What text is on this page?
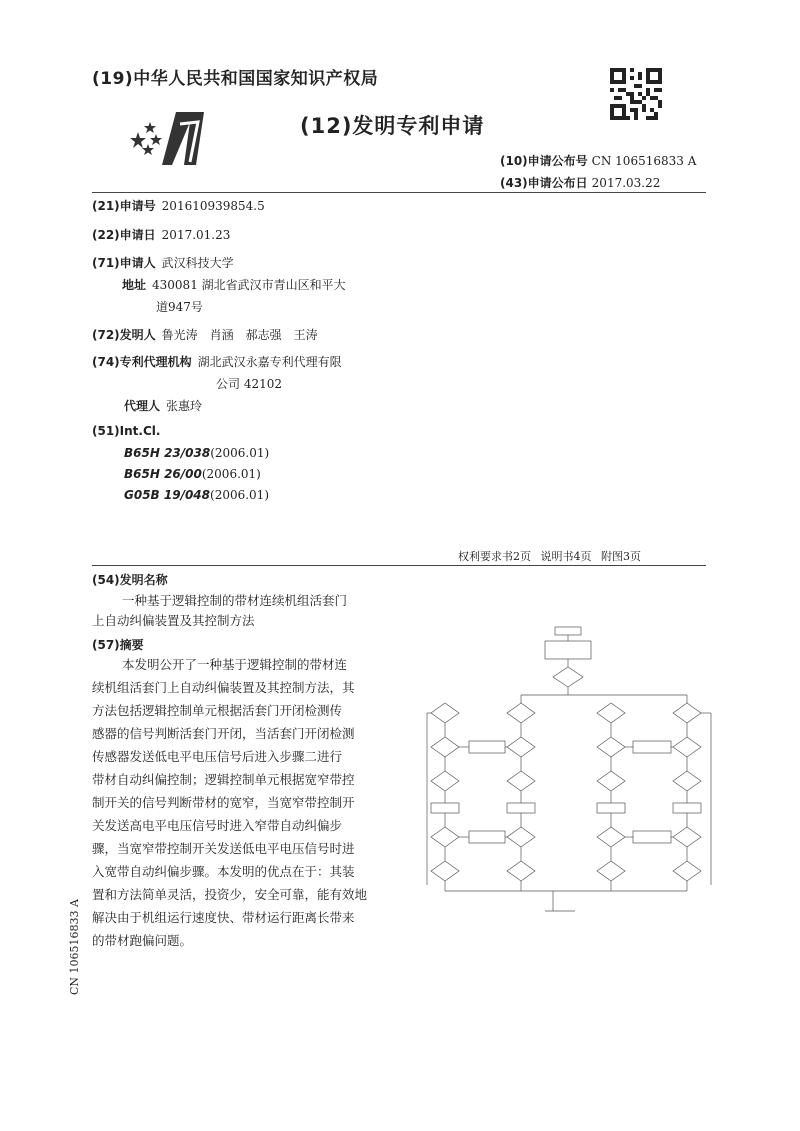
(19)中华人民共和国国家知识产权局
(12)发明专利申请
(10)申请公布号 CN 106516833 A
(43)申请公布日 2017.03.22
(21)申请号 201610939854.5
(22)申请日 2017.01.23
(71)申请人 武汉科技大学
地址 430081 湖北省武汉市青山区和平大
道947号
(72)发明人 鲁光涛　肖涵　郝志强　王涛
(74)专利代理机构 湖北武汉永嘉专利代理有限
公司 42102
代理人 张惠玲
(51)Int.Cl.
B65H 23/038(2006.01)
B65H 26/00(2006.01)
G05B 19/048(2006.01)
权利要求书2页 说明书4页 附图3页
(54)发明名称
一种基于逻辑控制的带材连续机组活套门
上自动纠偏装置及其控制方法
(57)摘要
本发明公开了一种基于逻辑控制的带材连
续机组活套门上自动纠偏装置及其控制方法，其
方法包括逻辑控制单元根据活套门开闭检测传
感器的信号判断活套门开闭，当活套门开闭检测
传感器发送低电平电压信号后进入步骤二进行
带材自动纠偏控制；逻辑控制单元根据宽窄带控
制开关的信号判断带材的宽窄，当宽窄带控制开
关发送高电平电压信号时进入窄带自动纠偏步
骤，当宽窄带控制开关发送低电平电压信号时进
入宽带自动纠偏步骤。本发明的优点在于：其装
置和方法简单灵活，投资少，安全可靠，能有效地
解决由于机组运行速度快、带材运行距离长带来
的带材跑偏问题。
CN 106516833 A
